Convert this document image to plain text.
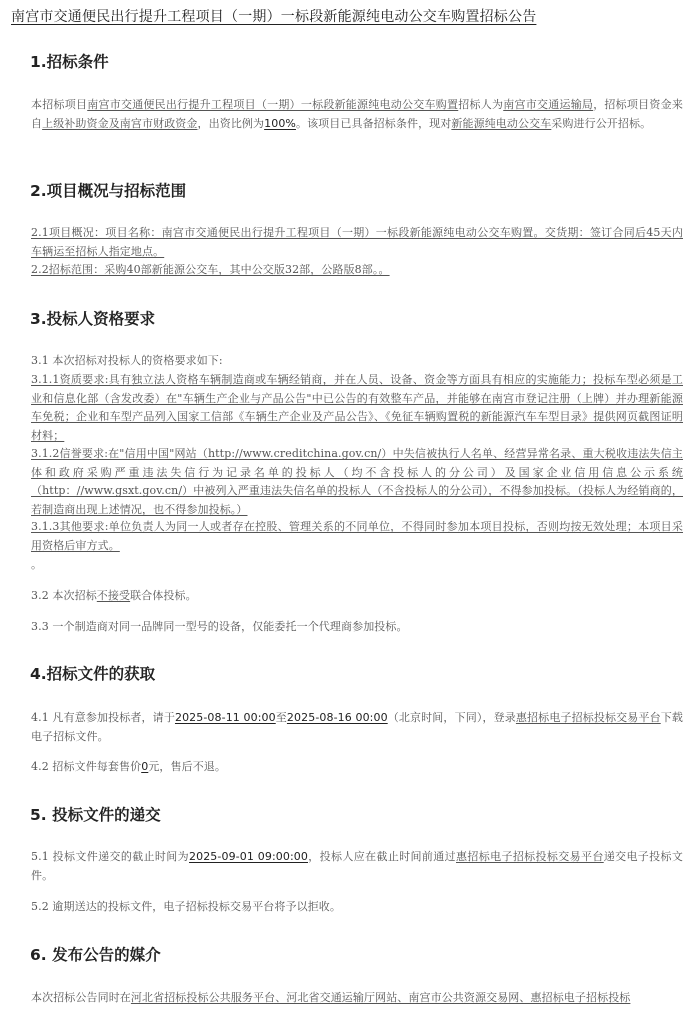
南宫市交通便民出行提升工程项目（一期）一标段新能源纯电动公交车购置招标公告
1.招标条件
本招标项目南宫市交通便民出行提升工程项目（一期）一标段新能源纯电动公交车购置招标人为南宫市交通运输局，招标项目资金来自上级补助资金及南宫市财政资金，出资比例为100%。该项目已具备招标条件，现对新能源纯电动公交车采购进行公开招标。
2.项目概况与招标范围
2.1项目概况：项目名称：南宫市交通便民出行提升工程项目（一期）一标段新能源纯电动公交车购置。交货期：签订合同后45天内车辆运至招标人指定地点。
2.2招标范围：采购40部新能源公交车，其中公交版32部，公路版8部。。
3.投标人资格要求
3.1 本次招标对投标人的资格要求如下:
3.1.1资质要求:具有独立法人资格车辆制造商或车辆经销商，并在人员、设备、资金等方面具有相应的实施能力；投标车型必须是工业和信息化部（含发改委）在"车辆生产企业与产品公告"中已公告的有效整车产品，并能够在南宫市登记注册（上牌）并办理新能源车免税；企业和车型产品列入国家工信部《车辆生产企业及产品公告》、《免征车辆购置税的新能源汽车车型目录》提供网页截图证明材料；
3.1.2信誉要求:在"信用中国"网站（http://www.creditchina.gov.cn/）中失信被执行人名单、经营异常名录、重大税收违法失信主体和政府采购严重违法失信行为记录名单的投标人（均不含投标人的分公司）及国家企业信用信息公示系统（http：//www.gsxt.gov.cn/）中被列入严重违法失信名单的投标人（不含投标人的分公司），不得参加投标。（投标人为经销商的，若制造商出现上述情况，也不得参加投标。）
3.1.3其他要求:单位负责人为同一人或者存在控股、管理关系的不同单位，不得同时参加本项目投标，否则均按无效处理；本项目采用资格后审方式。
。
3.2 本次招标不接受联合体投标。
3.3 一个制造商对同一品牌同一型号的设备，仅能委托一个代理商参加投标。
4.招标文件的获取
4.1 凡有意参加投标者，请于2025-08-11 00:00至2025-08-16 00:00（北京时间，下同），登录惠招标电子招标投标交易平台下载电子招标文件。
4.2 招标文件每套售价0元，售后不退。
5. 投标文件的递交
5.1 投标文件递交的截止时间为2025-09-01 09:00:00，投标人应在截止时间前通过惠招标电子招标投标交易平台递交电子投标文件。
5.2 逾期送达的投标文件，电子招标投标交易平台将予以拒收。
6. 发布公告的媒介
本次招标公告同时在河北省招标投标公共服务平台、河北省交通运输厅网站、南宫市公共资源交易网、惠招标电子招标投标
